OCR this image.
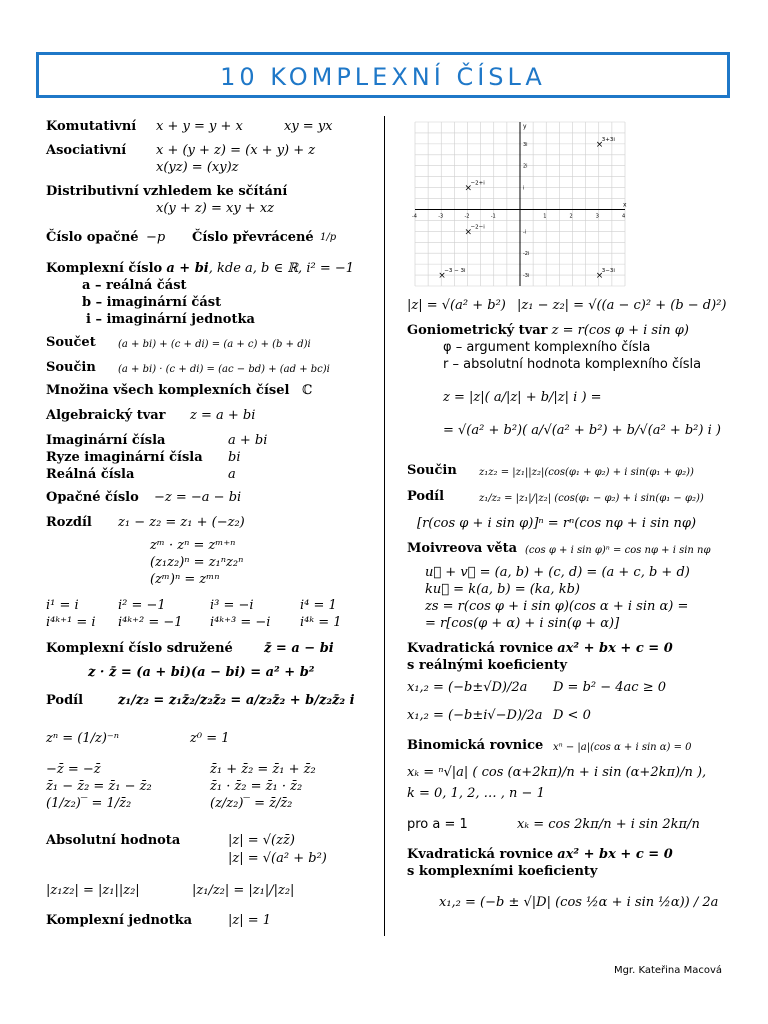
10 KOMPLEXNÍ ČÍSLA
Komutativní x + y = y + x	xy = yx
Asociativní x + (y + z) = (x + y) + z
x(yz) = (xy)z
Distributivní vzhledem ke sčítání
x(y + z) = xy + xz
Číslo opačné −p Číslo převrácené 1/p
Komplexní číslo a + bi, kde a, b ∈ ℝ, i² = −1
a – reálná část
b – imaginární část
i – imaginární jednotka
Součet (a + bi) + (c + di) = (a + c) + (b + d)i
Součin (a + bi) · (c + di) = (ac − bd) + (ad + bc)i
Množina všech komplexních čísel ℂ
Algebraický tvar z = a + bi
Imaginární čísla	a + bi
Ryze imaginární čísla bi
Reálná čísla	a
Opačné číslo −z = −a − bi
Rozdíl z₁ − z₂ = z₁ + (−z₂)
zᵐ · zⁿ = zᵐ⁺ⁿ
(z₁z₂)ⁿ = z₁ⁿz₂ⁿ
(zᵐ)ⁿ = zᵐⁿ
i¹ = i	i² = −1	i³ = −i	i⁴ = 1
i⁴ᵏ⁺¹ = i i⁴ᵏ⁺² = −1 i⁴ᵏ⁺³ = −i i⁴ᵏ = 1
Komplexní číslo sdružené z̄ = a − bi
z · z̄ = (a + bi)(a − bi) = a² + b²
Podíl	z₁/z₂ = z₁z̄₂/z₂z̄₂ = a/z₂z̄₂ + b/z₂z̄₂ i
zⁿ = (1/z)⁻ⁿ	z⁰ = 1
−z̄ = −z̄	z̄₁ + z̄₂ = z̄₁ + z̄₂
z̄₁ − z̄₂ = z̄₁ − z̄₂	z̄₁ · z̄₂ = z̄₁ · z̄₂
(1/z₂)‾ = 1/z̄₂	(z/z₂)‾ = z̄/z̄₂
Absolutní hodnota	|z| = √(zz̄)
|z| = √(a² + b²)
|z₁z₂| = |z₁||z₂|	|z₁/z₂| = |z₁|/|z₂|
Komplexní jednotka	|z| = 1
x
y
-4	-3	-2	-1	1	2	3	4
3i
2i
i
-i
-2i
-3i
×
3+3i
×
−2+i
×
−2−i
×
−3 − 3i	×
3−3i
|z| = √(a² + b²) |z₁ − z₂| = √((a − c)² + (b − d)²)
Goniometrický tvar z = r(cos φ + i sin φ)
φ – argument komplexního čísla
r – absolutní hodnota komplexního čísla
z = |z|( a/|z| + b/|z| i ) =
= √(a² + b²)( a/√(a² + b²) + b/√(a² + b²) i )
Součin z₁z₂ = |z₁||z₂|(cos(φ₁ + φ₂) + i sin(φ₁ + φ₂))
Podíl	z₁/z₂ = |z₁|/|z₂| (cos(φ₁ − φ₂) + i sin(φ₁ − φ₂))
[r(cos φ + i sin φ)]ⁿ = rⁿ(cos nφ + i sin nφ)
Moivreova věta (cos φ + i sin φ)ⁿ = cos nφ + i sin nφ
u⃗ + v⃗ = (a, b) + (c, d) = (a + c, b + d)
ku⃗ = k(a, b) = (ka, kb)
zs = r(cos φ + i sin φ)(cos α + i sin α) =
= r[cos(φ + α) + i sin(φ + α)]
Kvadratická rovnice ax² + bx + c = 0
s reálnými koeficienty
x₁,₂ = (−b±√D)/2a D = b² − 4ac ≥ 0
x₁,₂ = (−b±i√−D)/2a D < 0
Binomická rovnice xⁿ − |a|(cos α + i sin α) = 0
xₖ = ⁿ√|a| ( cos (α+2kπ)/n + i sin (α+2kπ)/n ),
k = 0, 1, 2, … , n − 1
pro a = 1	xₖ = cos 2kπ/n + i sin 2kπ/n
Kvadratická rovnice ax² + bx + c = 0
s komplexními koeficienty
x₁,₂ = (−b ± √|D| (cos ½α + i sin ½α)) / 2a
Mgr. Kateřina Macová
